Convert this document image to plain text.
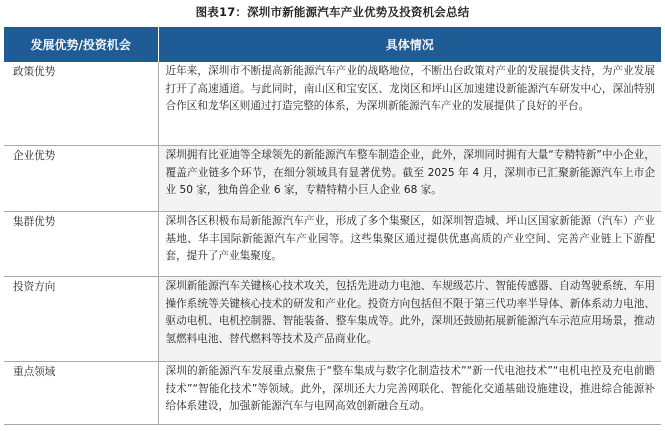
图表17：深圳市新能源汽车产业优势及投资机会总结
发展优势/投资机会	具体情况
政策优势	近年来，深圳市不断提高新能源汽车产业的战略地位，不断出台政策对产业的发展提供支持，为产业发展打开了高速通道。与此同时，南山区和宝安区、龙岗区和坪山区加速建设新能源汽车研发中心，深汕特别合作区和龙华区则通过打造完整的体系，为深圳新能源汽车产业的发展提供了良好的平台。
企业优势	深圳拥有比亚迪等全球领先的新能源汽车整车制造企业，此外，深圳同时拥有大量“专精特新”中小企业，覆盖产业链多个环节，在细分领域具有显著优势。截至 2025 年 4 月，深圳市已汇聚新能源汽车上市企业 50 家，独角兽企业 6 家，专精特精小巨人企业 68 家。
集群优势	深圳各区积极布局新能源汽车产业，形成了多个集聚区，如深圳智造城、坪山区国家新能源（汽车）产业基地、华丰国际新能源汽车产业园等。这些集聚区通过提供优惠高质的产业空间、完善产业链上下游配套，提升了产业集聚度。
投资方向	深圳新能源汽车关键核心技术攻关，包括先进动力电池、车规级芯片、智能传感器、自动驾驶系统、车用操作系统等关键核心技术的研发和产业化。投资方向包括但不限于第三代功率半导体、新体系动力电池、驱动电机、电机控制器、智能装备、整车集成等。此外，深圳还鼓励拓展新能源汽车示范应用场景，推动氢燃料电池、替代燃料等技术及产品商业化。
重点领域	深圳的新能源汽车发展重点聚焦于“整车集成与数字化制造技术”“新一代电池技术”“电机电控及充电前瞻技术”“智能化技术”等领域。此外，深圳还大力完善网联化、智能化交通基础设施建设，推进综合能源补给体系建设，加强新能源汽车与电网高效创新融合互动。
